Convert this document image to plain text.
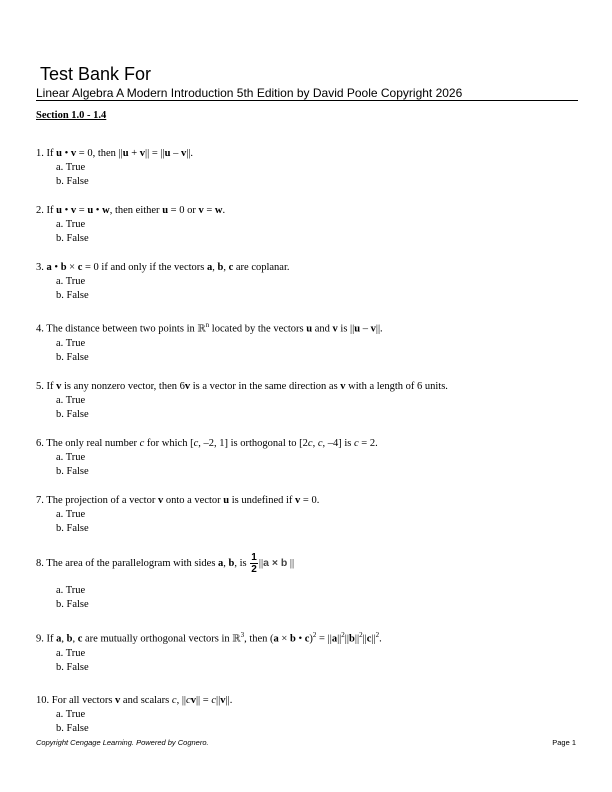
Test Bank For
Linear Algebra A Modern Introduction 5th Edition by David Poole Copyright 2026
Section 1.0 - 1.4
1. If u • v = 0, then ||u + v|| = ||u – v||.
a. True
b. False
2. If u • v = u • w, then either u = 0 or v = w.
a. True
b. False
3. a • b × c = 0 if and only if the vectors a, b, c are coplanar.
a. True
b. False
4. The distance between two points in ℝ$^n$ located by the vectors u and v is ||u – v||.
a. True
b. False
5. If v is any nonzero vector, then 6v is a vector in the same direction as v with a length of 6 units.
a. True
b. False
6. The only real number c for which [c, –2, 1] is orthogonal to [2c, c, –4] is c = 2.
a. True
b. False
7. The projection of a vector v onto a vector u is undefined if v = 0.
a. True
b. False
8. The area of the parallelogram with sides a, b, is $\frac{1}{2} ||a \times b$ ||
a. True
b. False
9. If a, b, c are mutually orthogonal vectors in ℝ$^3$, then (a × b • $c)^2 = ||a||^2||b||^2||c||^2$.
a. True
b. False
10. For all vectors v and scalars c, ||cv|| = c||v||.
a. True
b. False
Copyright Cengage Learning. Powered by Cognero.	Page 1
